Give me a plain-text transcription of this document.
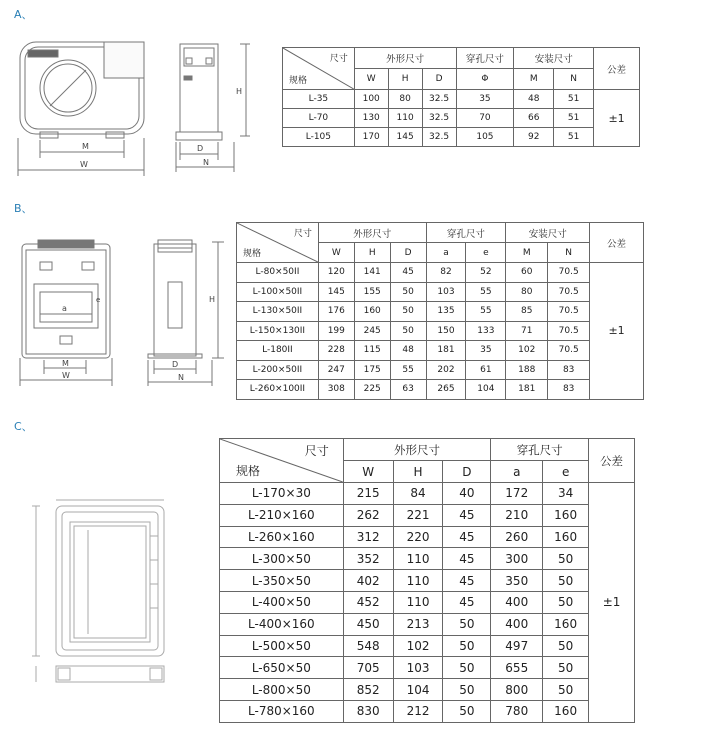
A、
B、
C、
M
W
H
D
N
尺寸
规格	外形尺寸			穿孔尺寸	安装尺寸		公差
	W	H	D	Φ	M	N	
L-35	100	80	32.5	35	48	51	±1
L-70	130	110	32.5	70	66	51	
L-105	170	145	32.5	105	92	51	
a
e
M
W
H
D
N
尺寸
规格	外形尺寸			穿孔尺寸		安装尺寸		公差
	W	H	D	a	e	M	N	
L-80×50II	120	141	45	82	52	60	70.5	±1
L-100×50II	145	155	50	103	55	80	70.5	
L-130×50II	176	160	50	135	55	85	70.5	
L-150×130II	199	245	50	150	133	71	70.5	
L-180II	228	115	48	181	35	102	70.5	
L-200×50II	247	175	55	202	61	188	83	
L-260×100II	308	225	63	265	104	181	83	
尺寸
规格	外形尺寸			穿孔尺寸		公差
	W	H	D	a	e	
L-170×30	215	84	40	172	34	±1
L-210×160	262	221	45	210	160	
L-260×160	312	220	45	260	160	
L-300×50	352	110	45	300	50	
L-350×50	402	110	45	350	50	
L-400×50	452	110	45	400	50	
L-400×160	450	213	50	400	160	
L-500×50	548	102	50	497	50	
L-650×50	705	103	50	655	50	
L-800×50	852	104	50	800	50	
L-780×160	830	212	50	780	160	
